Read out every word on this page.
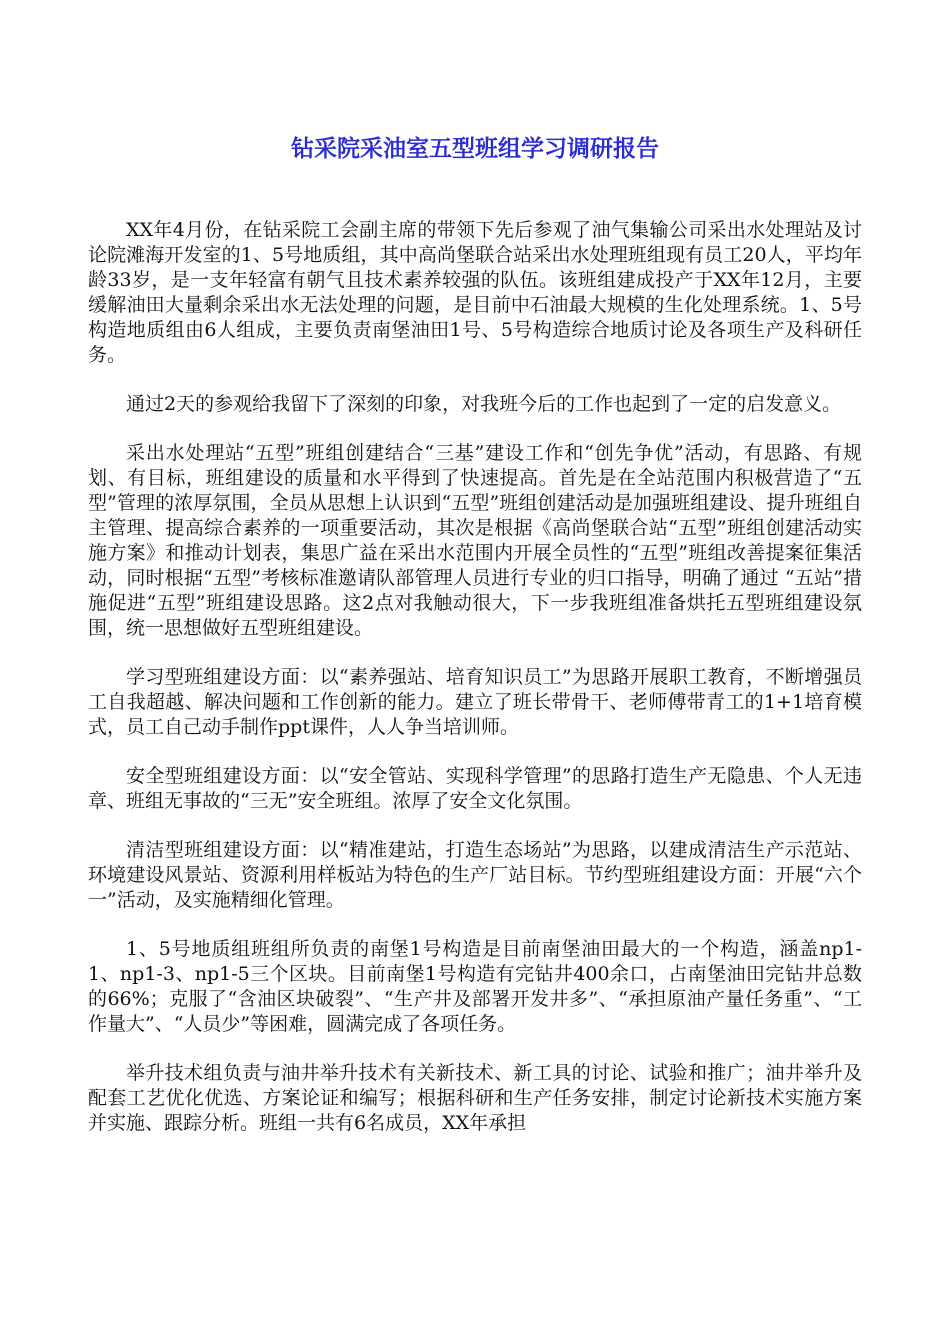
钻采院采油室五型班组学习调研报告

XX年4月份，在钻采院工会副主席的带领下先后参观了油气集输公司采出水处理站及讨论院滩海开发室的1、5号地质组，其中高尚堡联合站采出水处理班组现有员工20人，平均年龄33岁，是一支年轻富有朝气且技术素养较强的队伍。该班组建成投产于XX年12月，主要缓解油田大量剩余采出水无法处理的问题，是目前中石油最大规模的生化处理系统。1、5号构造地质组由6人组成，主要负责南堡油田1号、5号构造综合地质讨论及各项生产及科研任务。

通过2天的参观给我留下了深刻的印象，对我班今后的工作也起到了一定的启发意义。

采出水处理站“五型”班组创建结合“三基”建设工作和“创先争优”活动，有思路、有规划、有目标，班组建设的质量和水平得到了快速提高。首先是在全站范围内积极营造了“五型”管理的浓厚氛围，全员从思想上认识到“五型”班组创建活动是加强班组建设、提升班组自主管理、提高综合素养的一项重要活动，其次是根据《高尚堡联合站“五型”班组创建活动实施方案》和推动计划表，集思广益在采出水范围内开展全员性的“五型”班组改善提案征集活动，同时根据“五型”考核标准邀请队部管理人员进行专业的归口指导，明确了通过 “五站”措施促进“五型”班组建设思路。这2点对我触动很大，下一步我班组准备烘托五型班组建设氛围，统一思想做好五型班组建设。

学习型班组建设方面：以“素养强站、培育知识员工”为思路开展职工教育，不断增强员工自我超越、解决问题和工作创新的能力。建立了班长带骨干、老师傅带青工的1+1培育模式，员工自己动手制作ppt课件，人人争当培训师。

安全型班组建设方面：以“安全管站、实现科学管理”的思路打造生产无隐患、个人无违章、班组无事故的“三无”安全班组。浓厚了安全文化氛围。

清洁型班组建设方面：以“精准建站，打造生态场站”为思路，以建成清洁生产示范站、环境建设风景站、资源利用样板站为特色的生产厂站目标。节约型班组建设方面：开展“六个一”活动，及实施精细化管理。

1、5号地质组班组所负责的南堡1号构造是目前南堡油田最大的一个构造，涵盖np1-1、np1-3、np1-5三个区块。目前南堡1号构造有完钻井400余口，占南堡油田完钻井总数的66%；克服了“含油区块破裂”、“生产井及部署开发井多”、“承担原油产量任务重”、“工作量大”、“人员少”等困难，圆满完成了各项任务。

举升技术组负责与油井举升技术有关新技术、新工具的讨论、试验和推广；油井举升及配套工艺优化优选、方案论证和编写；根据科研和生产任务安排，制定讨论新技术实施方案并实施、跟踪分析。班组一共有6名成员，XX年承担
